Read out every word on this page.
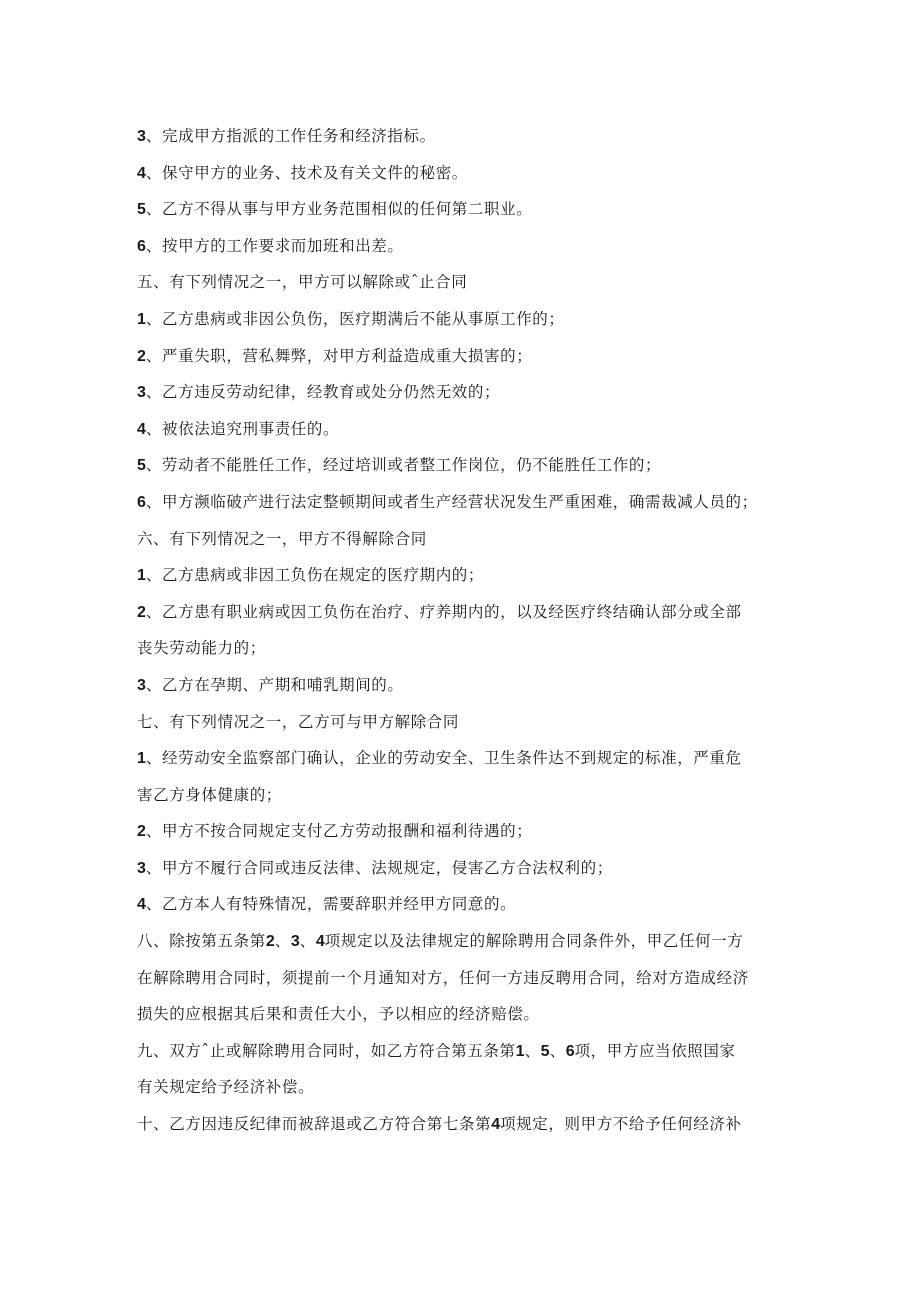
3、完成甲方指派的工作任务和经济指标。
4、保守甲方的业务、技术及有关文件的秘密。
5、乙方不得从事与甲方业务范围相似的任何第二职业。
6、按甲方的工作要求而加班和出差。
五、有下列情况之一，甲方可以解除或ˆ止合同
1、乙方患病或非因公负伤，医疗期满后不能从事原工作的；
2、严重失职，营私舞弊，对甲方利益造成重大损害的；
3、乙方违反劳动纪律，经教育或处分仍然无效的；
4、被依法追究刑事责任的。
5、劳动者不能胜任工作，经过培训或者整工作岗位，仍不能胜任工作的；
6、甲方濒临破产进行法定整顿期间或者生产经营状况发生严重困难，确需裁减人员的；
六、有下列情况之一，甲方不得解除合同
1、乙方患病或非因工负伤在规定的医疗期内的；
2、乙方患有职业病或因工负伤在治疗、疗养期内的，以及经医疗终结确认部分或全部
丧失劳动能力的；
3、乙方在孕期、产期和哺乳期间的。
七、有下列情况之一，乙方可与甲方解除合同
1、经劳动安全监察部门确认，企业的劳动安全、卫生条件达不到规定的标准，严重危
害乙方身体健康的；
2、甲方不按合同规定支付乙方劳动报酬和福利待遇的；
3、甲方不履行合同或违反法律、法规规定，侵害乙方合法权利的；
4、乙方本人有特殊情况，需要辞职并经甲方同意的。
八、除按第五条第2、3、4项规定以及法律规定的解除聘用合同条件外，甲乙任何一方
在解除聘用合同时，须提前一个月通知对方，任何一方违反聘用合同，给对方造成经济
损失的应根据其后果和责任大小，予以相应的经济赔偿。
九、双方ˆ止或解除聘用合同时，如乙方符合第五条第1、5、6项，甲方应当依照国家
有关规定给予经济补偿。
十、乙方因违反纪律而被辞退或乙方符合第七条第4项规定，则甲方不给予任何经济补
